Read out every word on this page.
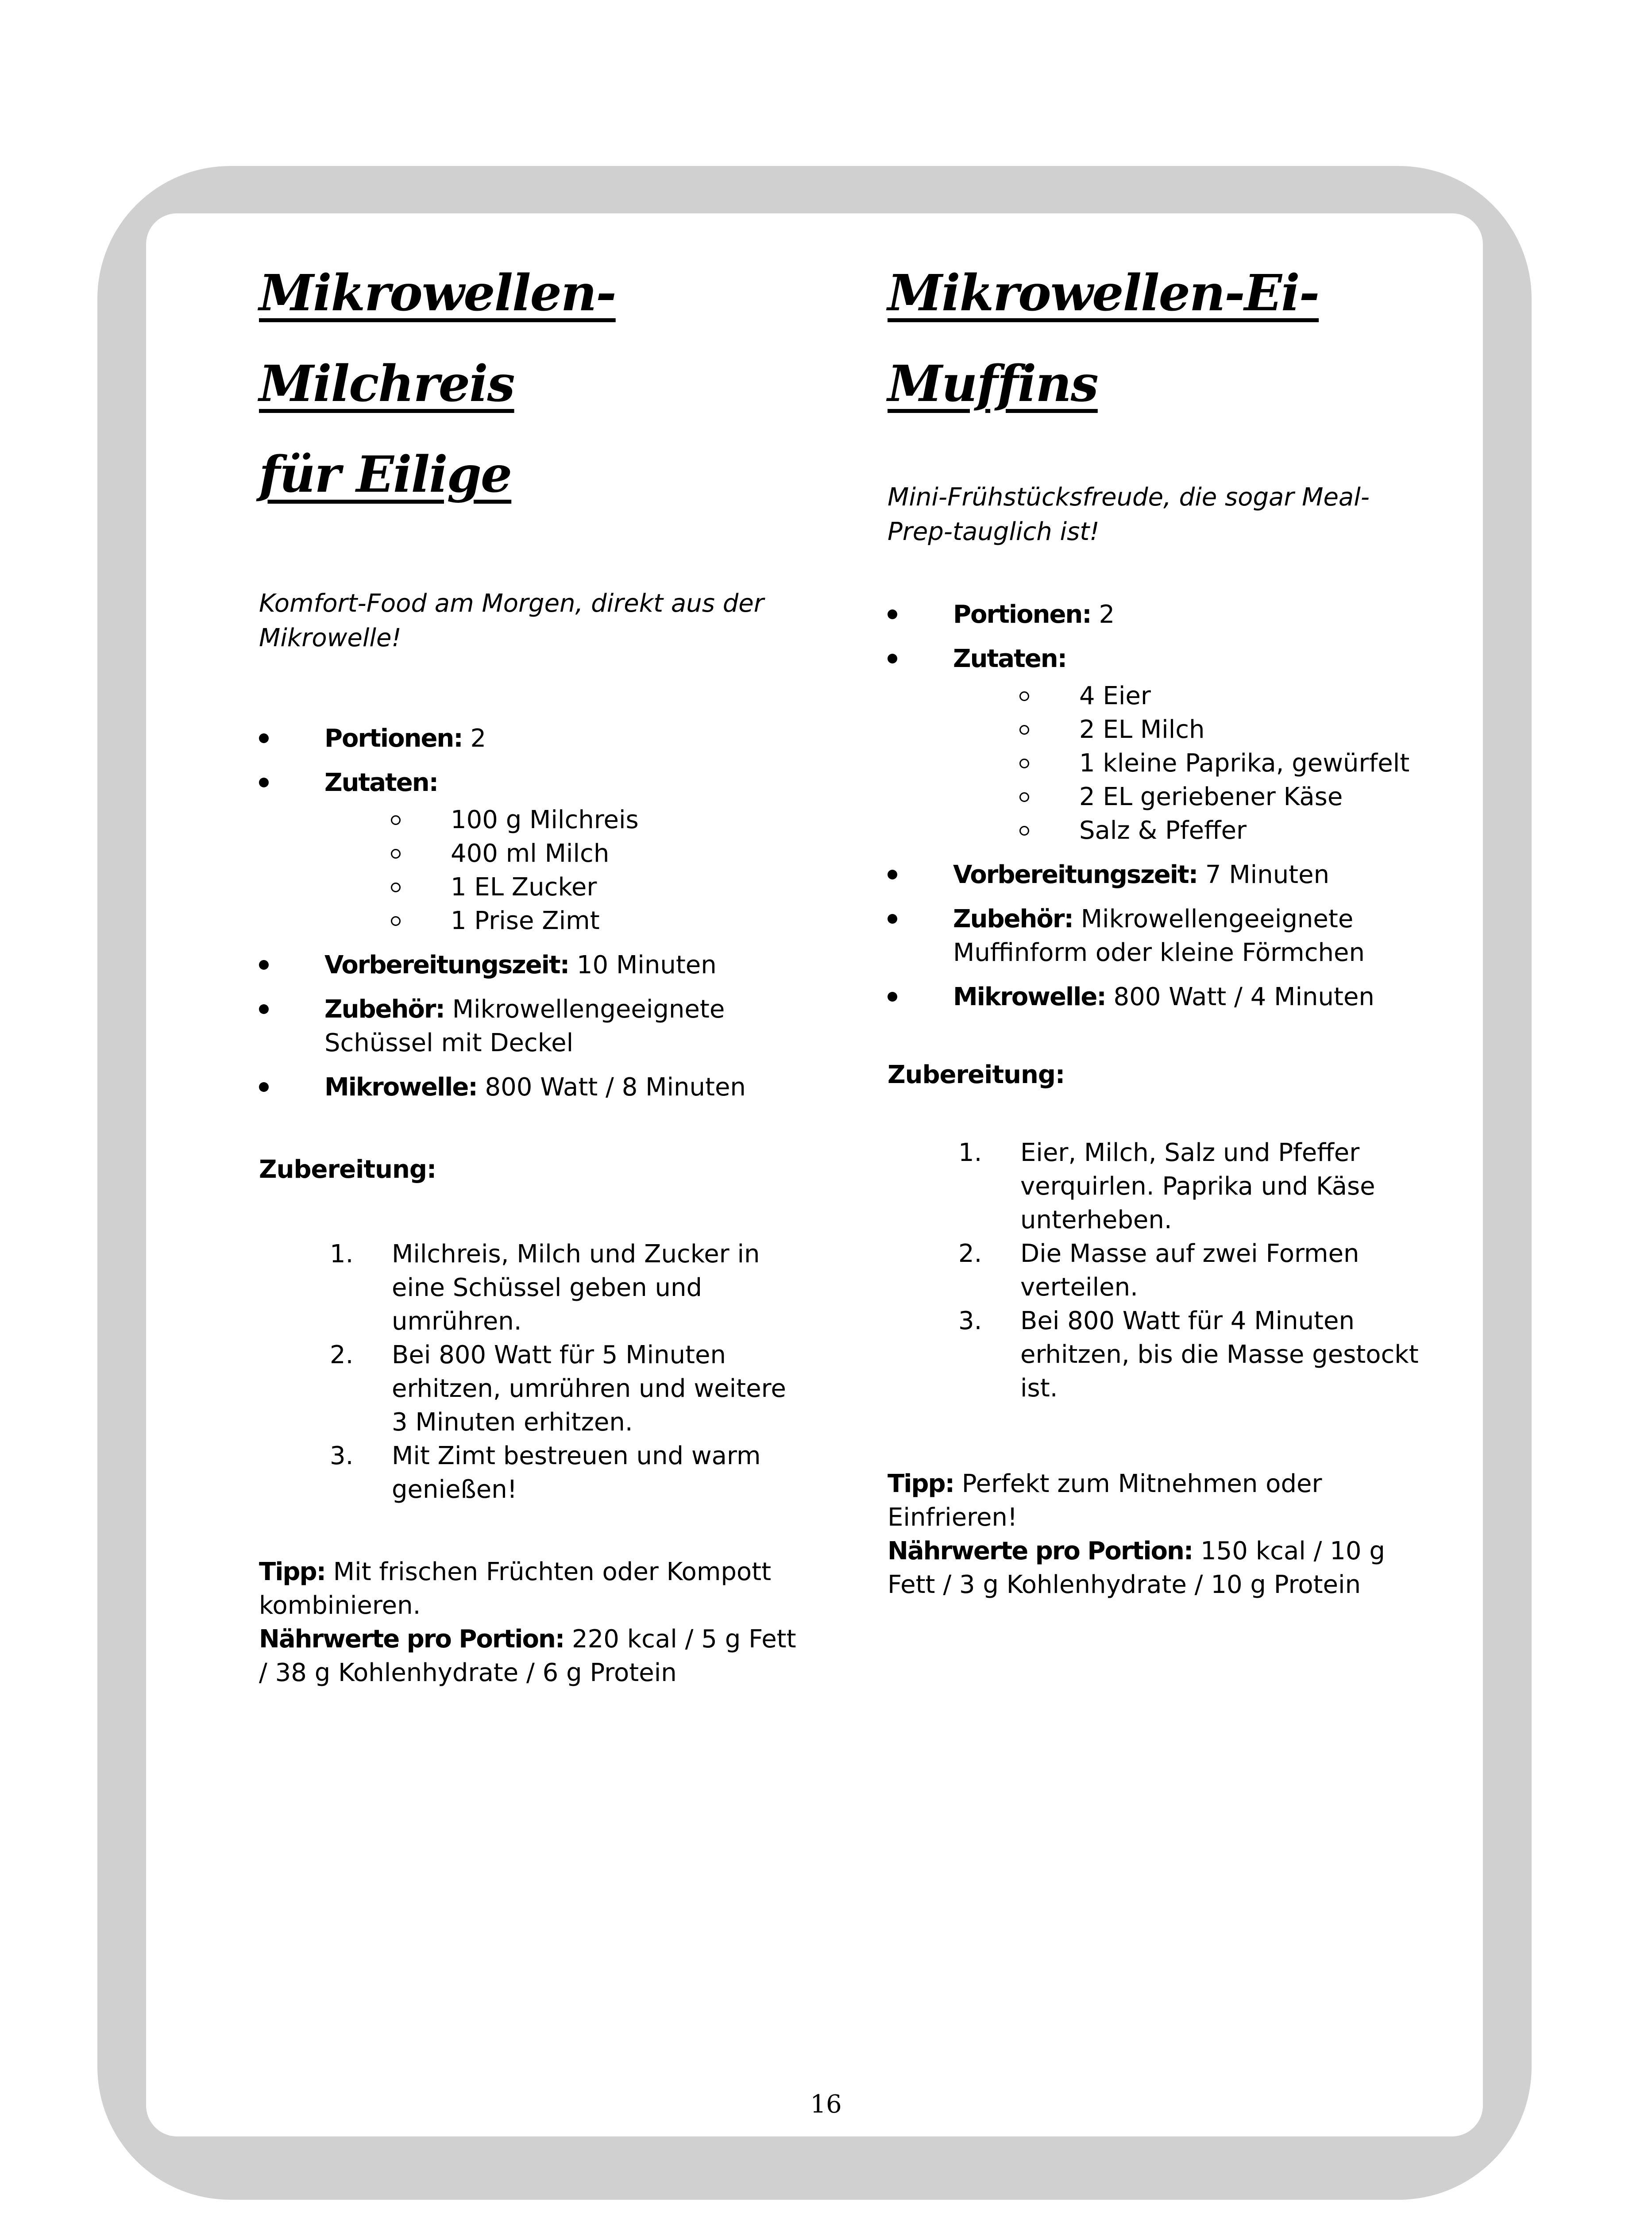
Mikrowellen-Milchreis
für Eilige

Komfort-Food am Morgen, direkt aus der Mikrowelle!

Portionen: 2
Zutaten:
100 g Milchreis
400 ml Milch
1 EL Zucker
1 Prise Zimt
Vorbereitungszeit: 10 Minuten
Zubehör: Mikrowellengeeignete Schüssel mit Deckel
Mikrowelle: 800 Watt / 8 Minuten

Zubereitung:

1. Milchreis, Milch und Zucker in eine Schüssel geben und umrühren.
2. Bei 800 Watt für 5 Minuten erhitzen, umrühren und weitere 3 Minuten erhitzen.
3. Mit Zimt bestreuen und warm genießen!

Tipp: Mit frischen Früchten oder Kompott kombinieren.

Nährwerte pro Portion: 220 kcal / 5 g Fett / 38 g Kohlenhydrate / 6 g Protein

Mikrowellen-Ei-Muffins

Mini-Frühstücksfreude, die sogar Meal-Prep-tauglich ist!

Portionen: 2
Zutaten:
4 Eier
2 EL Milch
1 kleine Paprika, gewürfelt
2 EL geriebener Käse
Salz & Pfeffer
Vorbereitungszeit: 7 Minuten
Zubehör: Mikrowellengeeignete Muffinform oder kleine Förmchen
Mikrowelle: 800 Watt / 4 Minuten

Zubereitung:

1. Eier, Milch, Salz und Pfeffer verquirlen. Paprika und Käse unterheben.
2. Die Masse auf zwei Formen verteilen.
3. Bei 800 Watt für 4 Minuten erhitzen, bis die Masse gestockt ist.

Tipp: Perfekt zum Mitnehmen oder Einfrieren!

Nährwerte pro Portion: 150 kcal / 10 g Fett / 3 g Kohlenhydrate / 10 g Protein

16
